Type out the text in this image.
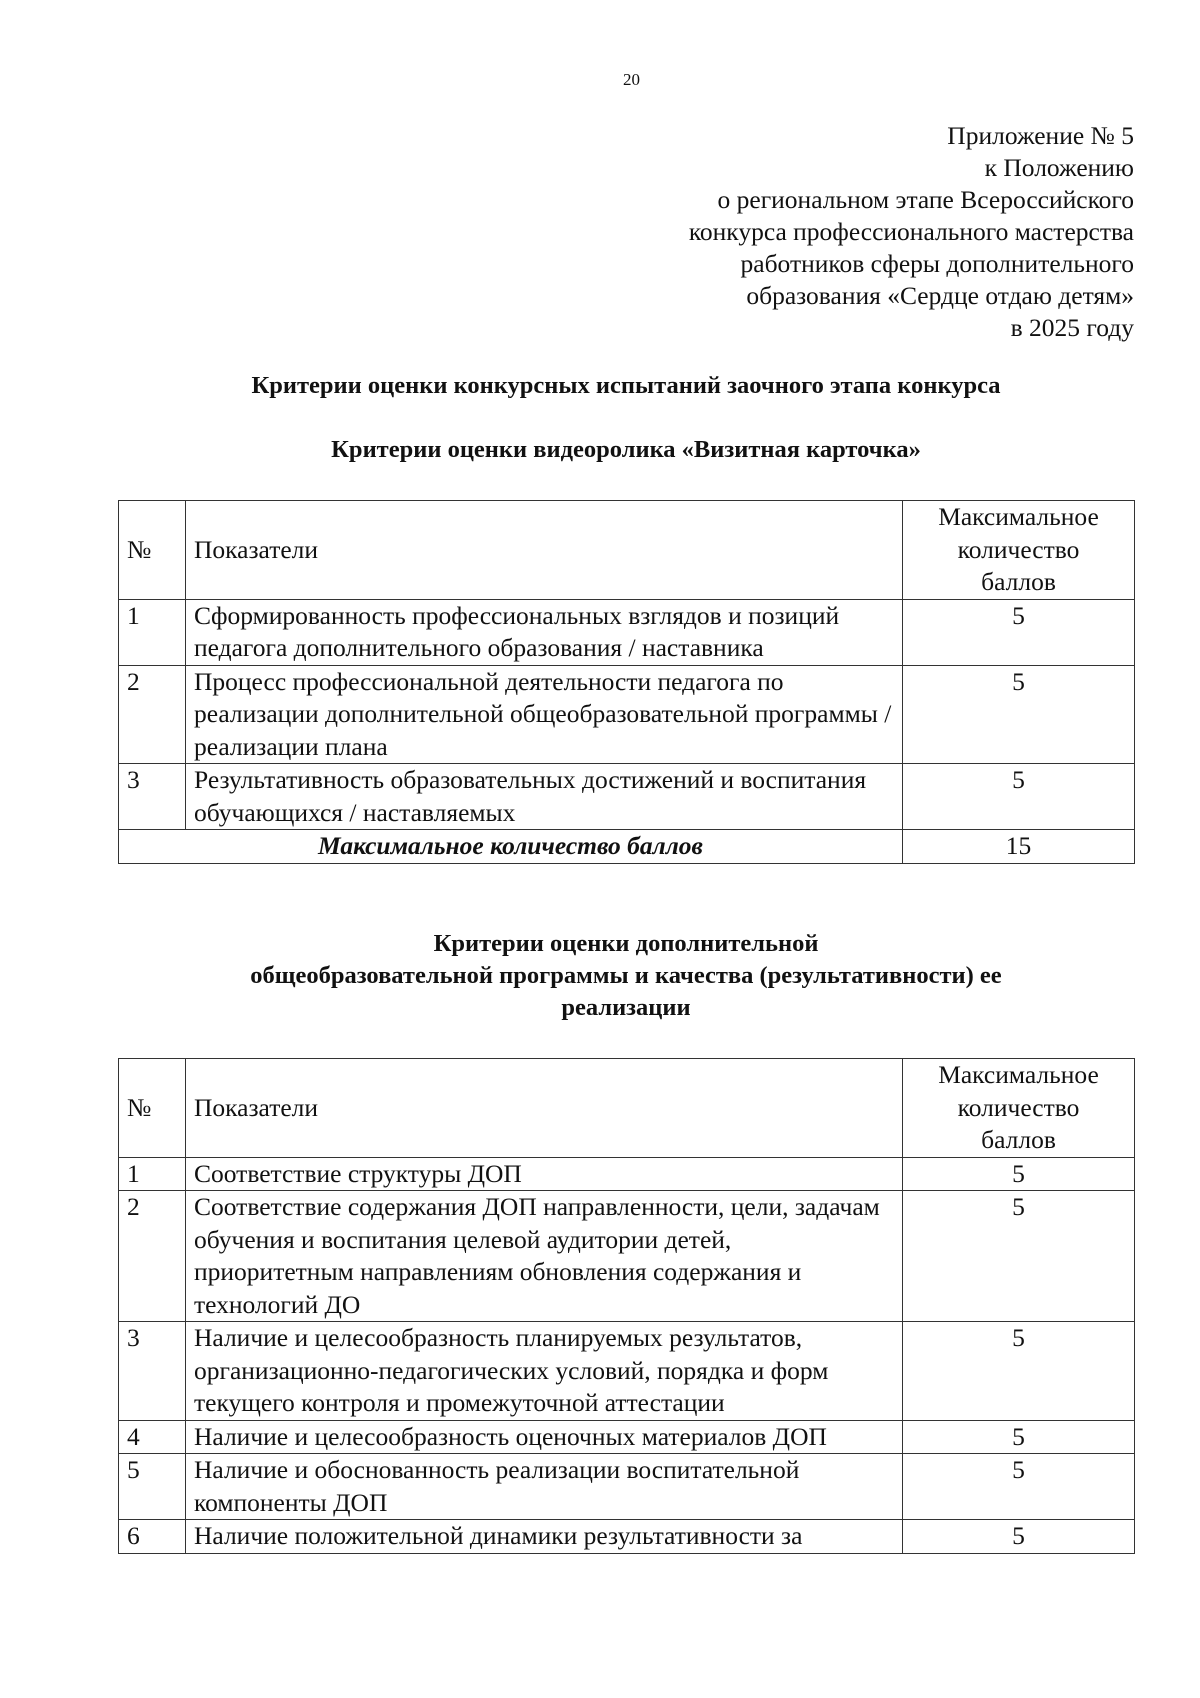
20
Приложение № 5
к Положению
о региональном этапе Всероссийского
конкурса профессионального мастерства
работников сферы дополнительного
образования «Сердце отдаю детям»
в 2025 году
Критерии оценки конкурсных испытаний заочного этапа конкурса
Критерии оценки видеоролика «Визитная карточка»
№	Показатели	Максимальное
количество
баллов

1	Сформированность профессиональных взглядов и позиций педагога дополнительного образования / наставника	5
2	Процесс профессиональной деятельности педагога по реализации дополнительной общеобразовательной программы / реализации плана	5
3	Результативность образовательных достижений и воспитания обучающихся / наставляемых	5
Максимальное количество баллов		15
Критерии оценки дополнительной
общеобразовательной программы и качества (результативности) ее
реализации
№	Показатели	Максимальное
количество
баллов

1	Соответствие структуры ДОП	5
2	Соответствие содержания ДОП направленности, цели, задачам обучения и воспитания целевой аудитории детей, приоритетным направлениям обновления содержания и технологий ДО	5
3	Наличие и целесообразность планируемых результатов, организационно-педагогических условий, порядка и форм текущего контроля и промежуточной аттестации	5
4	Наличие и целесообразность оценочных материалов ДОП	5
5	Наличие и обоснованность реализации воспитательной компоненты ДОП	5
6	Наличие положительной динамики результативности за	5
